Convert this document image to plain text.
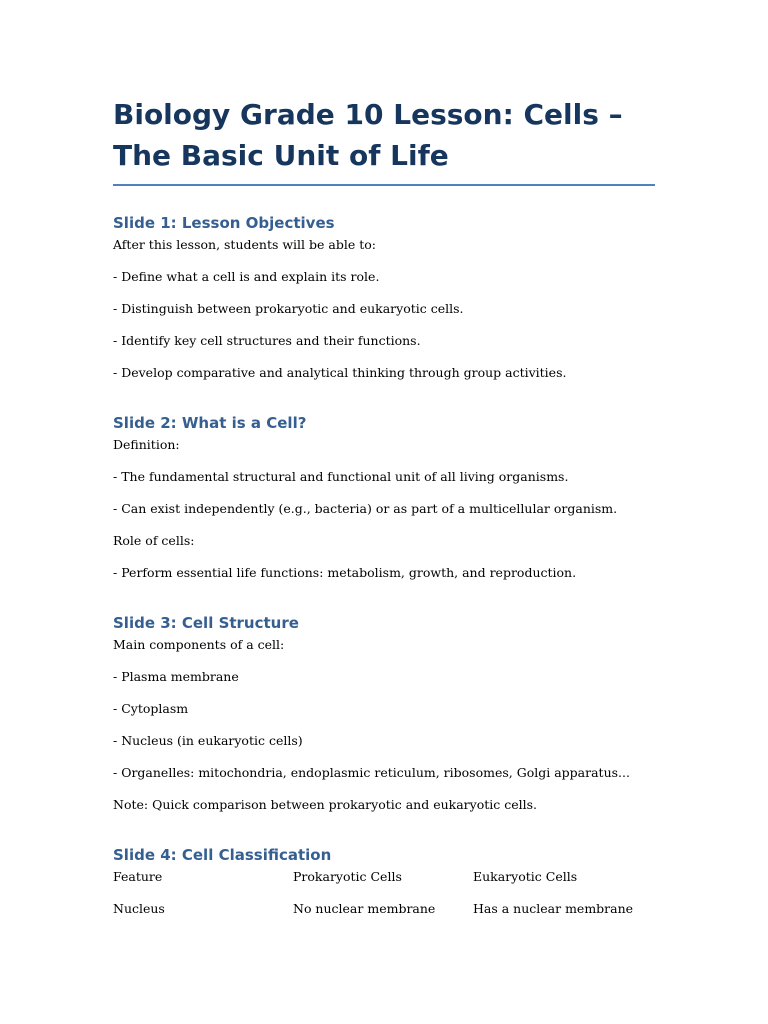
Biology Grade 10 Lesson: Cells – The Basic Unit of Life
Slide 1: Lesson Objectives

After this lesson, students will be able to:

- Define what a cell is and explain its role.

- Distinguish between prokaryotic and eukaryotic cells.

- Identify key cell structures and their functions.

- Develop comparative and analytical thinking through group activities.

Slide 2: What is a Cell?

Definition:

- The fundamental structural and functional unit of all living organisms.

- Can exist independently (e.g., bacteria) or as part of a multicellular organism.

Role of cells:

- Perform essential life functions: metabolism, growth, and reproduction.

Slide 3: Cell Structure

Main components of a cell:

- Plasma membrane

- Cytoplasm

- Nucleus (in eukaryotic cells)

- Organelles: mitochondria, endoplasmic reticulum, ribosomes, Golgi apparatus...

Note: Quick comparison between prokaryotic and eukaryotic cells.

Slide 4: Cell Classification
Feature	Prokaryotic Cells	Eukaryotic Cells
Nucleus	No nuclear membrane	Has a nuclear membrane
